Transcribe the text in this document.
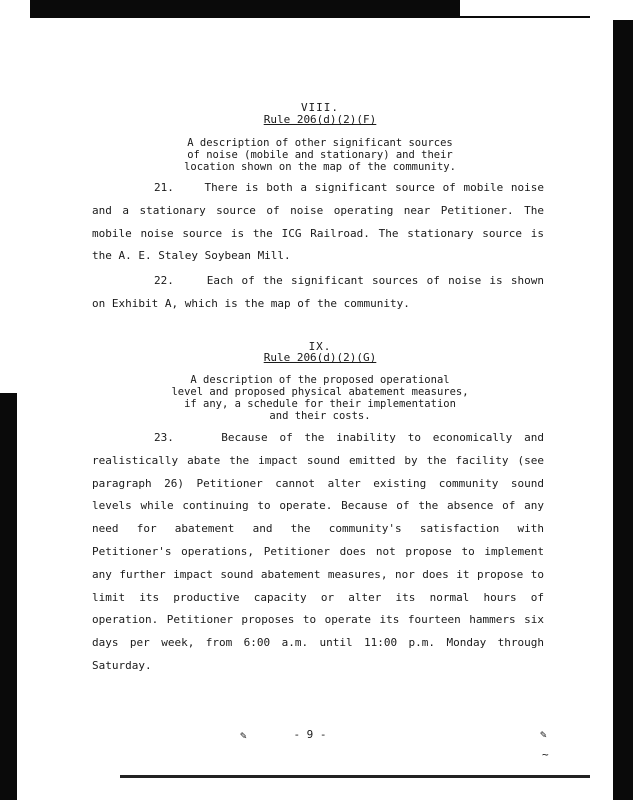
VIII.
Rule 206(d)(2)(F)
A description of other significant sources
of noise (mobile and stationary) and their
location shown on the map of the community.
21.	There is both a significant source of mobile noise and a stationary source of noise operating near Petitioner. The mobile noise source is the ICG Railroad. The stationary source is the A. E. Staley Soybean Mill.
22.	Each of the significant sources of noise is shown on Exhibit A, which is the map of the community.
IX.
Rule 206(d)(2)(G)
A description of the proposed operational
level and proposed physical abatement measures,
if any, a schedule for their implementation
and their costs.
23.	Because of the inability to economically and realistically abate the impact sound emitted by the facility (see paragraph 26) Petitioner cannot alter existing community sound levels while continuing to operate. Because of the absence of any need for abatement and the community's satisfaction with Petitioner's operations, Petitioner does not propose to implement any further impact sound abatement measures, nor does it propose to limit its productive capacity or alter its normal hours of operation. Petitioner proposes to operate its fourteen hammers six days per week, from 6:00 a.m. until 11:00 p.m. Monday through Saturday.
- 9 -
✎	✎
~
